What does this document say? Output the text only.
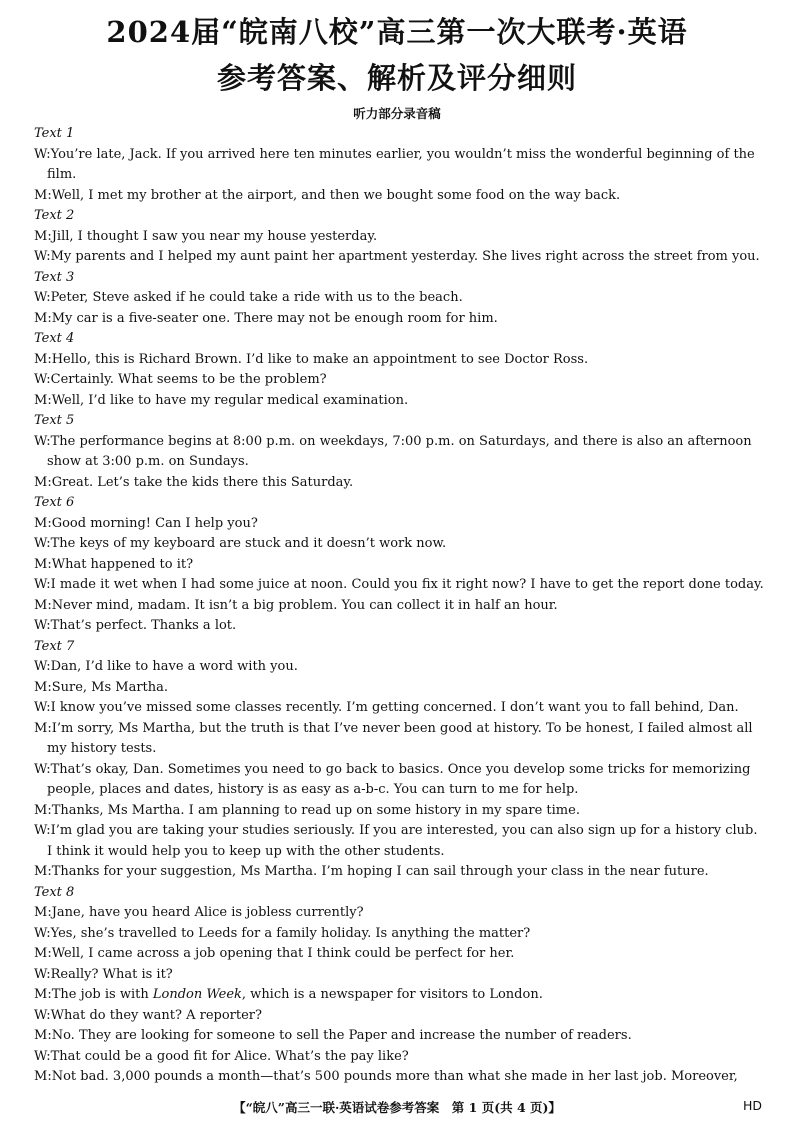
2024届“皖南八校”高三第一次大联考·英语
参考答案、解析及评分细则
听力部分录音稿

Text 1

W:You’re late, Jack. If you arrived here ten minutes earlier, you wouldn’t miss the wonderful beginning of the film.

M:Well, I met my brother at the airport, and then we bought some food on the way back.

Text 2

M:Jill, I thought I saw you near my house yesterday.

W:My parents and I helped my aunt paint her apartment yesterday. She lives right across the street from you.

Text 3

W:Peter, Steve asked if he could take a ride with us to the beach.

M:My car is a five-seater one. There may not be enough room for him.

Text 4

M:Hello, this is Richard Brown. I’d like to make an appointment to see Doctor Ross.

W:Certainly. What seems to be the problem?

M:Well, I’d like to have my regular medical examination.

Text 5

W:The performance begins at 8:00 p.m. on weekdays, 7:00 p.m. on Saturdays, and there is also an afternoon show at 3:00 p.m. on Sundays.

M:Great. Let’s take the kids there this Saturday.

Text 6

M:Good morning! Can I help you?

W:The keys of my keyboard are stuck and it doesn’t work now.

M:What happened to it?

W:I made it wet when I had some juice at noon. Could you fix it right now? I have to get the report done today.

M:Never mind, madam. It isn’t a big problem. You can collect it in half an hour.

W:That’s perfect. Thanks a lot.

Text 7

W:Dan, I’d like to have a word with you.

M:Sure, Ms Martha.

W:I know you’ve missed some classes recently. I’m getting concerned. I don’t want you to fall behind, Dan.

M:I’m sorry, Ms Martha, but the truth is that I’ve never been good at history. To be honest, I failed almost all my history tests.

W:That’s okay, Dan. Sometimes you need to go back to basics. Once you develop some tricks for memorizing people, places and dates, history is as easy as a-b-c. You can turn to me for help.

M:Thanks, Ms Martha. I am planning to read up on some history in my spare time.

W:I’m glad you are taking your studies seriously. If you are interested, you can also sign up for a history club. I think it would help you to keep up with the other students.

M:Thanks for your suggestion, Ms Martha. I’m hoping I can sail through your class in the near future.

Text 8

M:Jane, have you heard Alice is jobless currently?

W:Yes, she’s travelled to Leeds for a family holiday. Is anything the matter?

M:Well, I came across a job opening that I think could be perfect for her.

W:Really? What is it?

M:The job is with London Week, which is a newspaper for visitors to London.

W:What do they want? A reporter?

M:No. They are looking for someone to sell the Paper and increase the number of readers.

W:That could be a good fit for Alice. What’s the pay like?

M:Not bad. 3,000 pounds a month—that’s 500 pounds more than what she made in her last job. Moreover,

【“皖八”高三一联·英语试卷参考答案　第 1 页(共 4 页)】	HD
